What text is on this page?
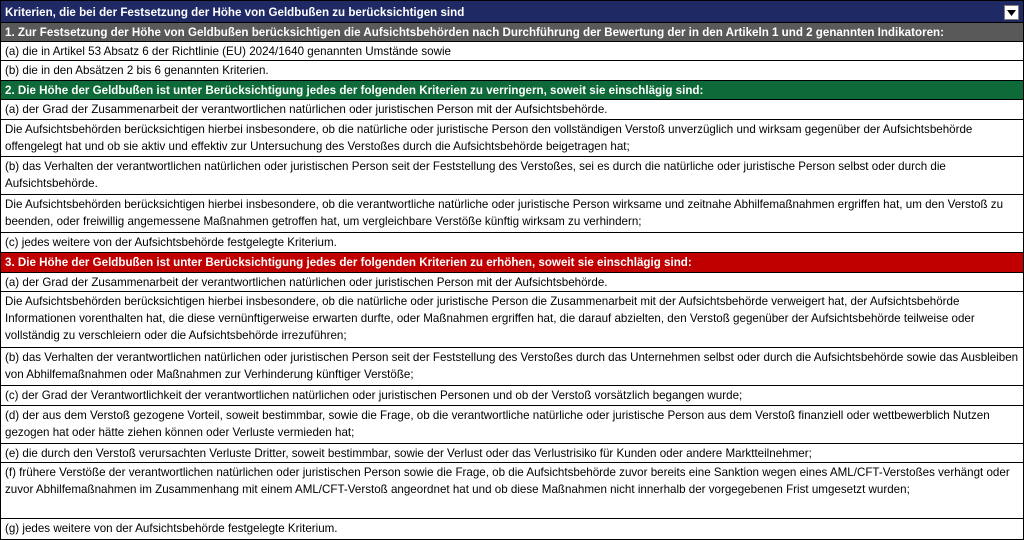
Kriterien, die bei der Festsetzung der Höhe von Geldbußen zu berücksichtigen sind
1. Zur Festsetzung der Höhe von Geldbußen berücksichtigen die Aufsichtsbehörden nach Durchführung der Bewertung der in den Artikeln 1 und 2 genannten Indikatoren:
(a) die in Artikel 53 Absatz 6 der Richtlinie (EU) 2024/1640 genannten Umstände sowie
(b) die in den Absätzen 2 bis 6 genannten Kriterien.
2. Die Höhe der Geldbußen ist unter Berücksichtigung jedes der folgenden Kriterien zu verringern, soweit sie einschlägig sind:
(a) der Grad der Zusammenarbeit der verantwortlichen natürlichen oder juristischen Person mit der Aufsichtsbehörde.
Die Aufsichtsbehörden berücksichtigen hierbei insbesondere, ob die natürliche oder juristische Person den vollständigen Verstoß unverzüglich und wirksam gegenüber der Aufsichtsbehörde offengelegt hat und ob sie aktiv und effektiv zur Untersuchung des Verstoßes durch die Aufsichtsbehörde beigetragen hat;
(b) das Verhalten der verantwortlichen natürlichen oder juristischen Person seit der Feststellung des Verstoßes, sei es durch die natürliche oder juristische Person selbst oder durch die Aufsichtsbehörde.
Die Aufsichtsbehörden berücksichtigen hierbei insbesondere, ob die verantwortliche natürliche oder juristische Person wirksame und zeitnahe Abhilfemaßnahmen ergriffen hat, um den Verstoß zu beenden, oder freiwillig angemessene Maßnahmen getroffen hat, um vergleichbare Verstöße künftig wirksam zu verhindern;
(c) jedes weitere von der Aufsichtsbehörde festgelegte Kriterium.
3. Die Höhe der Geldbußen ist unter Berücksichtigung jedes der folgenden Kriterien zu erhöhen, soweit sie einschlägig sind:
(a) der Grad der Zusammenarbeit der verantwortlichen natürlichen oder juristischen Person mit der Aufsichtsbehörde.
Die Aufsichtsbehörden berücksichtigen hierbei insbesondere, ob die natürliche oder juristische Person die Zusammenarbeit mit der Aufsichtsbehörde verweigert hat, der Aufsichtsbehörde Informationen vorenthalten hat, die diese vernünftigerweise erwarten durfte, oder Maßnahmen ergriffen hat, die darauf abzielten, den Verstoß gegenüber der Aufsichtsbehörde teilweise oder vollständig zu verschleiern oder die Aufsichtsbehörde irrezuführen;
(b) das Verhalten der verantwortlichen natürlichen oder juristischen Person seit der Feststellung des Verstoßes durch das Unternehmen selbst oder durch die Aufsichtsbehörde sowie das Ausbleiben von Abhilfemaßnahmen oder Maßnahmen zur Verhinderung künftiger Verstöße;
(c) der Grad der Verantwortlichkeit der verantwortlichen natürlichen oder juristischen Personen und ob der Verstoß vorsätzlich begangen wurde;
(d) der aus dem Verstoß gezogene Vorteil, soweit bestimmbar, sowie die Frage, ob die verantwortliche natürliche oder juristische Person aus dem Verstoß finanziell oder wettbewerblich Nutzen gezogen hat oder hätte ziehen können oder Verluste vermieden hat;
(e) die durch den Verstoß verursachten Verluste Dritter, soweit bestimmbar, sowie der Verlust oder das Verlustrisiko für Kunden oder andere Marktteilnehmer;
(f) frühere Verstöße der verantwortlichen natürlichen oder juristischen Person sowie die Frage, ob die Aufsichtsbehörde zuvor bereits eine Sanktion wegen eines AML/CFT-Verstoßes verhängt oder zuvor Abhilfemaßnahmen im Zusammenhang mit einem AML/CFT-Verstoß angeordnet hat und ob diese Maßnahmen nicht innerhalb der vorgegebenen Frist umgesetzt wurden;
(g) jedes weitere von der Aufsichtsbehörde festgelegte Kriterium.
